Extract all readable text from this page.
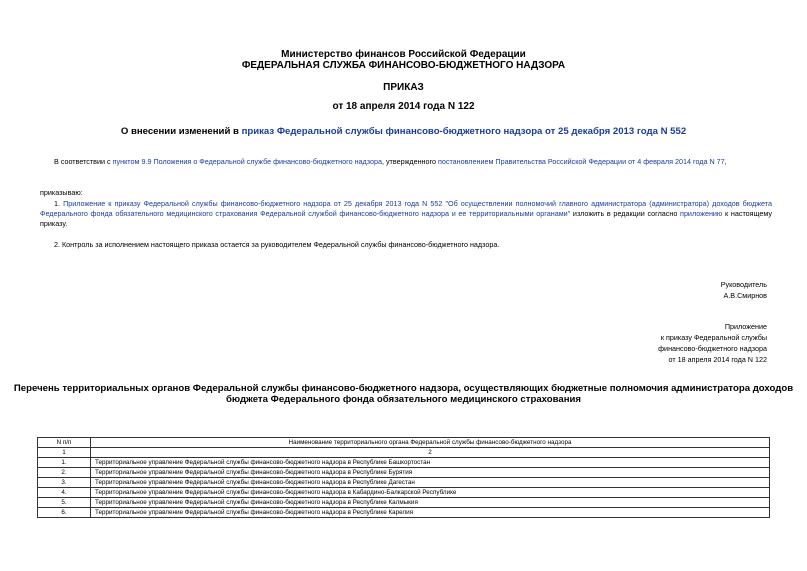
Министерство финансов Российской Федерации
ФЕДЕРАЛЬНАЯ СЛУЖБА ФИНАНСОВО-БЮДЖЕТНОГО НАДЗОРА
ПРИКАЗ
от 18 апреля 2014 года N 122
О внесении изменений в приказ Федеральной службы финансово-бюджетного надзора от 25 декабря 2013 года N 552
В соответствии с пунктом 9.9 Положения о Федеральной службе финансово-бюджетного надзора, утвержденного постановлением Правительства Российской Федерации от 4 февраля 2014 года N 77,
приказываю:
1. Приложение к приказу Федеральной службы финансово-бюджетного надзора от 25 декабря 2013 года N 552 "Об осуществлении полномочий главного администратора (администратора) доходов бюджета Федерального фонда обязательного медицинского страхования Федеральной службой финансово-бюджетного надзора и ее территориальными органами" изложить в редакции согласно приложению к настоящему приказу.
2. Контроль за исполнением настоящего приказа остается за руководителем Федеральной службы финансово-бюджетного надзора.
Руководитель
А.В.Смирнов
Приложение
к приказу Федеральной службы
финансово-бюджетного надзора
от 18 апреля 2014 года N 122
Перечень территориальных органов Федеральной службы финансово-бюджетного надзора, осуществляющих бюджетные полномочия администратора доходов
бюджета Федерального фонда обязательного медицинского страхования
N п/п	Наименование территориального органа Федеральной службы финансово-бюджетного надзора
1	2
1.	Территориальное управление Федеральной службы финансово-бюджетного надзора в Республике Башкортостан
2.	Территориальное управление Федеральной службы финансово-бюджетного надзора в Республике Бурятия
3.	Территориальное управление Федеральной службы финансово-бюджетного надзора в Республике Дагестан
4.	Территориальное управление Федеральной службы финансово-бюджетного надзора в Кабардино-Балкарской Республике
5.	Территориальное управление Федеральной службы финансово-бюджетного надзора в Республике Калмыкия
6.	Территориальное управление Федеральной службы финансово-бюджетного надзора в Республике Карелия
